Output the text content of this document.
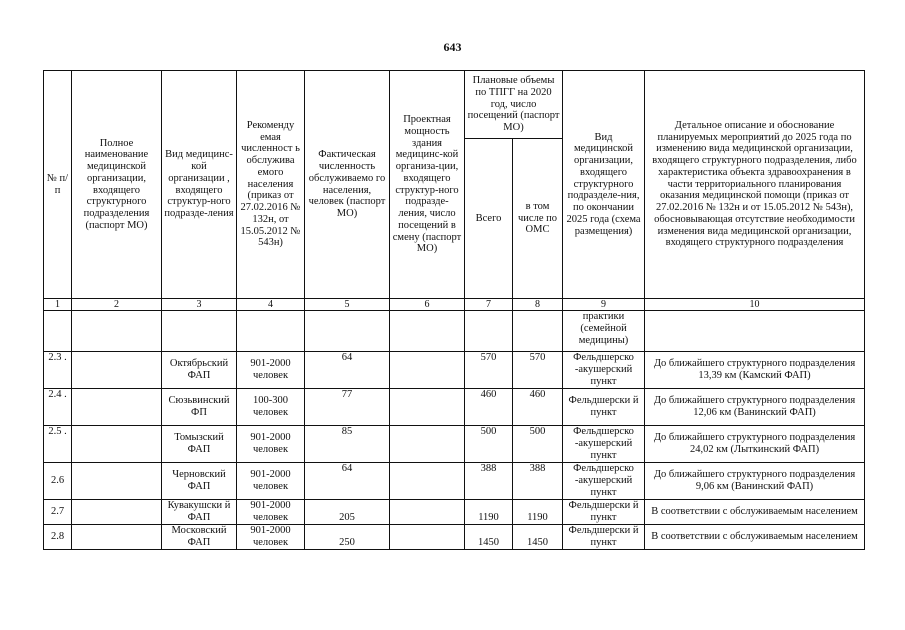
643
№ п/п	Полное наименование медицинской организации, входящего структурного подразделения (паспорт МО)	Вид медицинс-кой организации , входящего структур-ного подразде-ления	Рекоменду емая численност ь обслужива емого населения (приказ от 27.02.2016 № 132н, от 15.05.2012 № 543н)	Фактическая численность обслуживаемо го населения, человек (паспорт МО)	Проектная мощность здания медицинс-кой организа-ции, входящего структур-ного подразде-ления, число посещений в смену (паспорт МО)	Плановые объемы по ТПГГ на 2020 год, число посещений (паспорт МО)		Вид медицинской организации, входящего структурного подразделе-ния, по окончании 2025 года (схема размещения)	Детальное описание и обоснование планируемых мероприятий до 2025 года по изменению вида медицинской организации, входящего структурного подразделения, либо характеристика объекта здравоохранения в части территориального планирования оказания медицинской помощи (приказ от 27.02.2016 № 132н и от 15.05.2012 № 543н), обосновывающая отсутствие необходимости изменения вида медицинской организации, входящего структурного подразделения
						Всего	в том числе по ОМС		
1	2	3	4	5	6	7	8	9	10
								практики (семейной медицины)	
2.3 .		Октябрьский ФАП	901-2000 человек	64		570	570	Фельдшерско -акушерский пункт	До ближайшего структурного подразделения 13,39 км (Камский ФАП)
2.4 .		Сюзьвинский ФП	100-300 человек	77		460	460	Фельдшерски й пункт	До ближайшего структурного подразделения 12,06 км (Ванинский ФАП)
2.5 .		Томызский ФАП	901-2000 человек	85		500	500	Фельдшерско -акушерский пункт	До ближайшего структурного подразделения 24,02 км (Лыткинский ФАП)
2.6		Черновский ФАП	901-2000 человек	64		388	388	Фельдшерско -акушерский пункт	До ближайшего структурного подразделения 9,06 км (Ванинский ФАП)
2.7		Кувакушски й ФАП	901-2000 человек	205		1190	1190	Фельдшерски й пункт	В соответствии с обслуживаемым населением
2.8		Московский ФАП	901-2000 человек	250		1450	1450	Фельдшерски й пункт	В соответствии с обслуживаемым населением
